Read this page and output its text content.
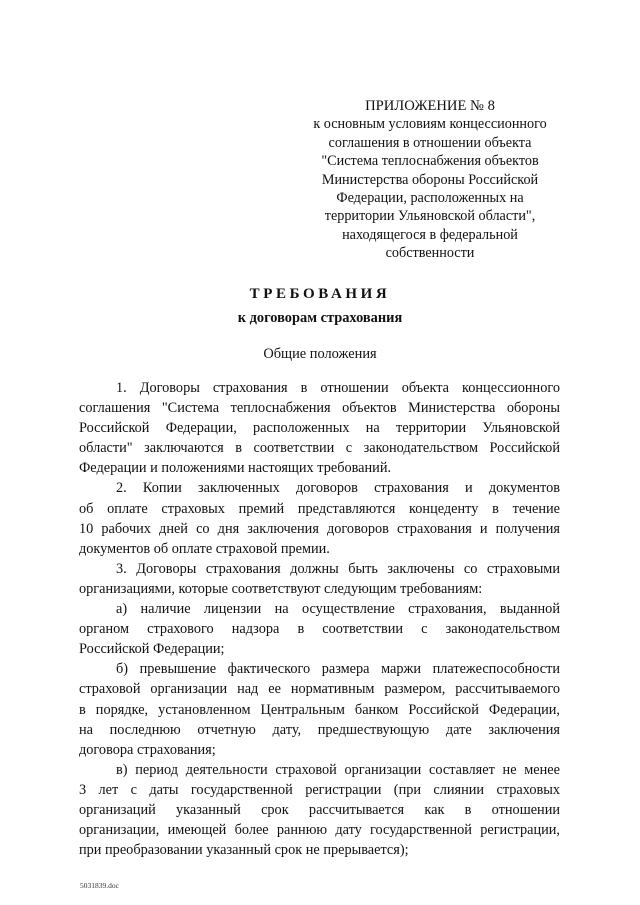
ПРИЛОЖЕНИЕ № 8
к основным условиям концессионного
соглашения в отношении объекта
"Система теплоснабжения объектов
Министерства обороны Российской
Федерации, расположенных на
территории Ульяновской области",
находящегося в федеральной
собственности
ТРЕБОВАНИЯ
к договорам страхования
Общие положения

1. Договоры страхования в отношении объекта концессионного
соглашения "Система теплоснабжения объектов Министерства обороны
Российской Федерации, расположенных на территории Ульяновской
области" заключаются в соответствии с законодательством Российской
Федерации и положениями настоящих требований.

2. Копии заключенных договоров страхования и документов
об оплате страховых премий представляются концеденту в течение
10 рабочих дней со дня заключения договоров страхования и получения
документов об оплате страховой премии.

3. Договоры страхования должны быть заключены со страховыми
организациями, которые соответствуют следующим требованиям:

а) наличие лицензии на осуществление страхования, выданной
органом страхового надзора в соответствии с законодательством
Российской Федерации;

б) превышение фактического размера маржи платежеспособности
страховой организации над ее нормативным размером, рассчитываемого
в порядке, установленном Центральным банком Российской Федерации,
на последнюю отчетную дату, предшествующую дате заключения
договора страхования;

в) период деятельности страховой организации составляет не менее
3 лет с даты государственной регистрации (при слиянии страховых
организаций указанный срок рассчитывается как в отношении
организации, имеющей более раннюю дату государственной регистрации,
при преобразовании указанный срок не прерывается);

5031839.doc
